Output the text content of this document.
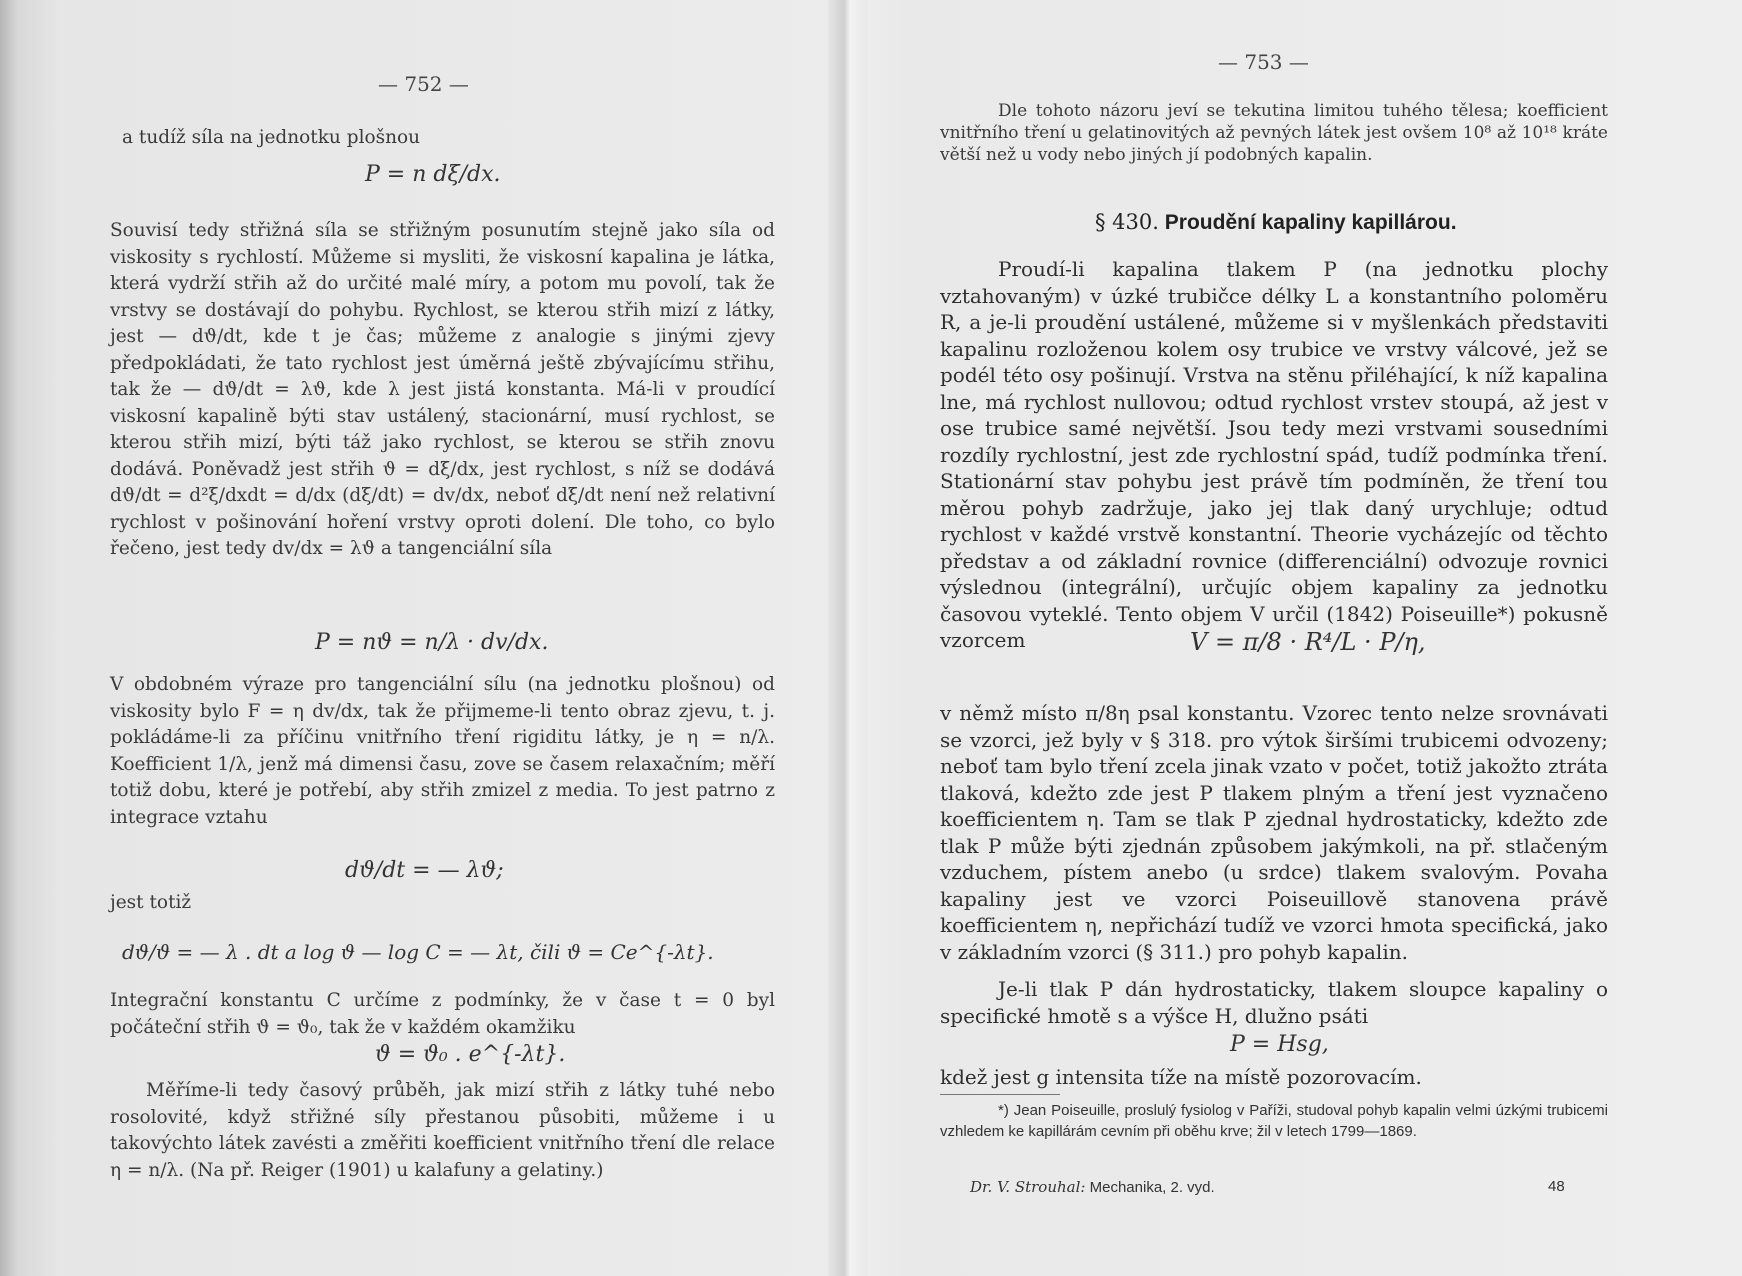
— 752 —
a tudíž síla na jednotku plošnou
P = n dξ/dx.
Souvisí tedy střižná síla se střižným posunutím stejně jako síla od viskosity s rychlostí. Můžeme si mysliti, že viskosní kapalina je látka, která vydrží střih až do určité malé míry, a potom mu povolí, tak že vrstvy se dostávají do pohybu. Rychlost, se kterou střih mizí z látky, jest — dϑ/dt, kde t je čas; můžeme z analogie s jinými zjevy předpokládati, že tato rychlost jest úměrná ještě zbývajícímu střihu, tak že — dϑ/dt = λϑ, kde λ jest jistá konstanta. Má-li v proudící viskosní kapalině býti stav ustálený, stacionární, musí rychlost, se kterou střih mizí, býti táž jako rychlost, se kterou se střih znovu dodává. Poněvadž jest střih ϑ = dξ/dx, jest rychlost, s níž se dodává dϑ/dt = d²ξ/dxdt = d/dx (dξ/dt) = dv/dx, neboť dξ/dt není než relativní rychlost v pošinování hoření vrstvy oproti dolení. Dle toho, co bylo řečeno, jest tedy dv/dx = λϑ a tangenciální síla
P = nϑ = n/λ · dv/dx.
V obdobném výraze pro tangenciální sílu (na jednotku plošnou) od viskosity bylo F = η dv/dx, tak že přijmeme-li tento obraz zjevu, t. j. pokládáme-li za příčinu vnitřního tření rigiditu látky, je η = n/λ. Koefficient 1/λ, jenž má dimensi času, zove se časem relaxačním; měří totiž dobu, které je potřebí, aby střih zmizel z media. To jest patrno z integrace vztahu
dϑ/dt = — λϑ;
jest totiž
dϑ/ϑ = — λ . dt a log ϑ — log C = — λt, čili ϑ = Ce^{-λt}.
Integrační konstantu C určíme z podmínky, že v čase t = 0 byl počáteční střih ϑ = ϑ₀, tak že v každém okamžiku
ϑ = ϑ₀ . e^{-λt}.
Měříme-li tedy časový průběh, jak mizí střih z látky tuhé nebo rosolovité, když střižné síly přestanou působiti, můžeme i u takovýchto látek zavésti a změřiti koefficient vnitřního tření dle relace η = n/λ. (Na př. Reiger (1901) u kalafuny a gelatiny.)
— 753 —
Dle tohoto názoru jeví se tekutina limitou tuhého tělesa; koefficient vnitřního tření u gelatinovitých až pevných látek jest ovšem 10⁸ až 10¹⁸ kráte větší než u vody nebo jiných jí podobných kapalin.
§ 430. Proudění kapaliny kapillárou.
Proudí-li kapalina tlakem P (na jednotku plochy vztahovaným) v úzké trubičce délky L a konstantního poloměru R, a je-li proudění ustálené, můžeme si v myšlenkách představiti kapalinu rozloženou kolem osy trubice ve vrstvy válcové, jež se podél této osy pošinují. Vrstva na stěnu přiléhající, k níž kapalina lne, má rychlost nullovou; odtud rychlost vrstev stoupá, až jest v ose trubice samé největší. Jsou tedy mezi vrstvami sousedními rozdíly rychlostní, jest zde rychlostní spád, tudíž podmínka tření. Stationární stav pohybu jest právě tím podmíněn, že tření tou měrou pohyb zadržuje, jako jej tlak daný urychluje; odtud rychlost v každé vrstvě konstantní. Theorie vycházejíc od těchto představ a od základní rovnice (differenciální) odvozuje rovnici výslednou (integrální), určujíc objem kapaliny za jednotku časovou vyteklé. Tento objem V určil (1842) Poiseuille*) pokusně vzorcem	V = π/8 · R⁴/L · P/η,
v němž místo π/8η psal konstantu. Vzorec tento nelze srovnávati se vzorci, jež byly v § 318. pro výtok širšími trubicemi odvozeny; neboť tam bylo tření zcela jinak vzato v počet, totiž jakožto ztráta tlaková, kdežto zde jest P tlakem plným a tření jest vyznačeno koefficientem η. Tam se tlak P zjednal hydrostaticky, kdežto zde tlak P může býti zjednán způsobem jakýmkoli, na př. stlačeným vzduchem, pístem anebo (u srdce) tlakem svalovým. Povaha kapaliny jest ve vzorci Poiseuillově stanovena právě koefficientem η, nepřichází tudíž ve vzorci hmota specifická, jako v základním vzorci (§ 311.) pro pohyb kapalin.
Je-li tlak P dán hydrostaticky, tlakem sloupce kapaliny o specifické hmotě s a výšce H, dlužno psáti
P = Hsg,
kdež jest g intensita tíže na místě pozorovacím.
*) Jean Poiseuille, proslulý fysiolog v Paříži, studoval pohyb kapalin velmi úzkými trubicemi vzhledem ke kapillárám cevním při oběhu krve; žil v letech 1799—1869.
Dr. V. Strouhal: Mechanika, 2. vyd.	48
